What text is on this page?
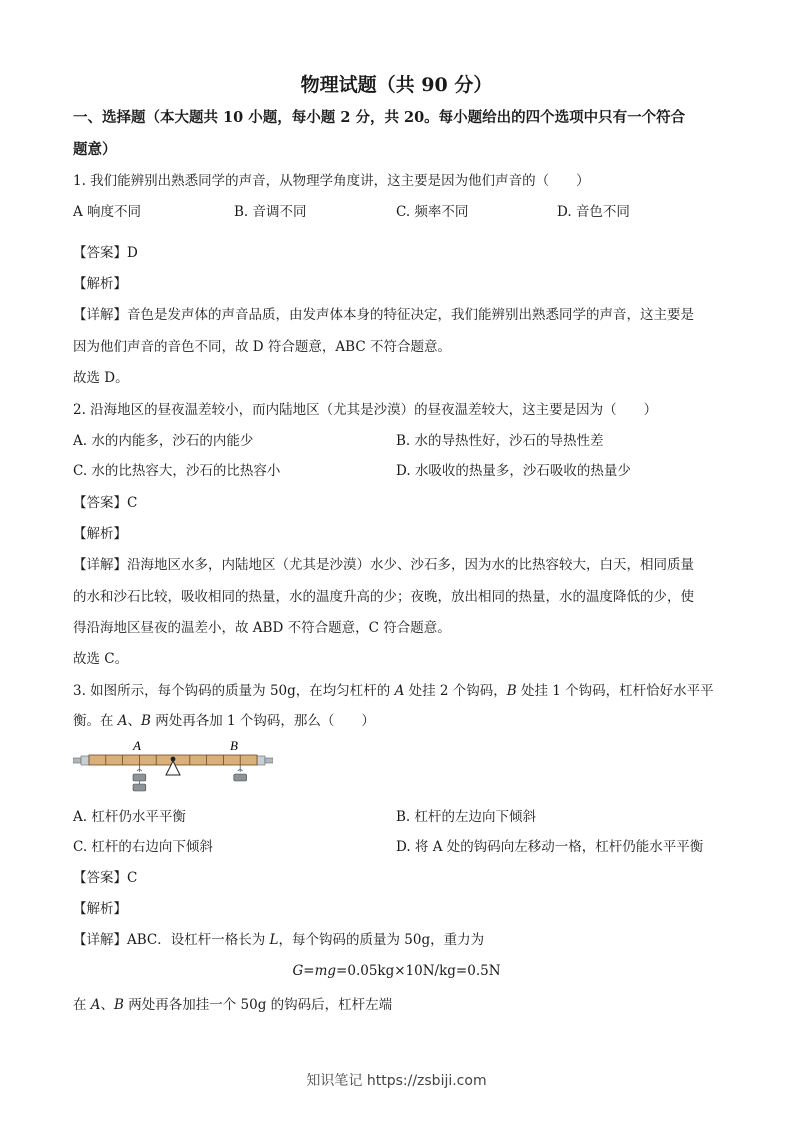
物理试题（共 90 分）
一、选择题（本大题共 10 小题，每小题 2 分，共 20。每小题给出的四个选项中只有一个符合
题意）
1. 我们能辨别出熟悉同学的声音，从物理学角度讲，这主要是因为他们声音的（　　）
A 响度不同	B. 音调不同	C. 频率不同	D. 音色不同
【答案】D
【解析】
【详解】音色是发声体的声音品质，由发声体本身的特征决定，我们能辨别出熟悉同学的声音，这主要是
因为他们声音的音色不同，故 D 符合题意，ABC 不符合题意。
故选 D。
2. 沿海地区的昼夜温差较小，而内陆地区（尤其是沙漠）的昼夜温差较大，这主要是因为（　　）
A. 水的内能多，沙石的内能少	B. 水的导热性好，沙石的导热性差
C. 水的比热容大，沙石的比热容小	D. 水吸收的热量多，沙石吸收的热量少
【答案】C
【解析】
【详解】沿海地区水多，内陆地区（尤其是沙漠）水少、沙石多，因为水的比热容较大，白天，相同质量
的水和沙石比较，吸收相同的热量，水的温度升高的少；夜晚，放出相同的热量，水的温度降低的少，使
得沿海地区昼夜的温差小，故 ABD 不符合题意，C 符合题意。
故选 C。
3. 如图所示，每个钩码的质量为 50g，在均匀杠杆的 A 处挂 2 个钩码，B 处挂 1 个钩码，杠杆恰好水平平
衡。在 A、B 两处再各加 1 个钩码，那么（　　）
A	B
A. 杠杆仍水平平衡	B. 杠杆的左边向下倾斜
C. 杠杆的右边向下倾斜	D. 将 A 处的钩码向左移动一格，杠杆仍能水平平衡
【答案】C
【解析】
【详解】ABC．设杠杆一格长为 L，每个钩码的质量为 50g，重力为
G=mg=0.05kg×10N/kg=0.5N
在 A、B 两处再各加挂一个 50g 的钩码后，杠杆左端
知识笔记 https://zsbiji.com
